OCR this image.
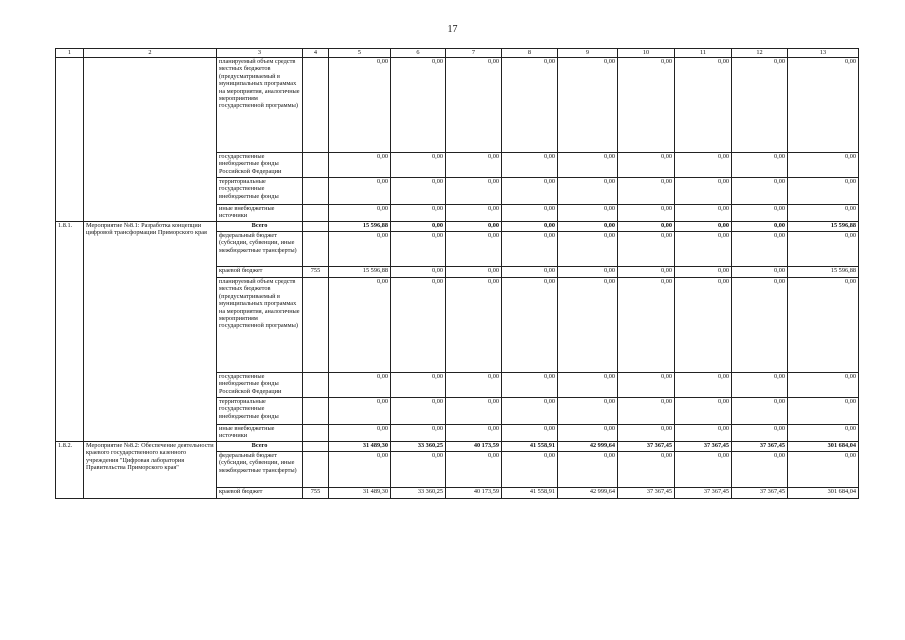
17
1	2	3	4	5	6	7	8	9	10	11	12	13
		планируемый объем средств местных бюджетов (предусматриваемый в муниципальных программах на мероприятия, аналогичные мероприятиям государственной программы)		0,00	0,00	0,00	0,00	0,00	0,00	0,00	0,00	0,00
		государственные внебюджетные фонды Российской Федерации		0,00	0,00	0,00	0,00	0,00	0,00	0,00	0,00	0,00
		территориальные государственные внебюджетные фонды		0,00	0,00	0,00	0,00	0,00	0,00	0,00	0,00	0,00
		иные внебюджетные источники		0,00	0,00	0,00	0,00	0,00	0,00	0,00	0,00	0,00
1.8.1.	Мероприятие №8.1: Разработка концепции цифровой трансформации Приморского края	Всего		15 596,88	0,00	0,00	0,00	0,00	0,00	0,00	0,00	15 596,88
		федеральный бюджет (субсидии, субвенции, иные межбюджетные трансферты)		0,00	0,00	0,00	0,00	0,00	0,00	0,00	0,00	0,00
		краевой бюджет	755	15 596,88	0,00	0,00	0,00	0,00	0,00	0,00	0,00	15 596,88
		планируемый объем средств местных бюджетов (предусматриваемый в муниципальных программах на мероприятия, аналогичные мероприятиям государственной программы)		0,00	0,00	0,00	0,00	0,00	0,00	0,00	0,00	0,00
		государственные внебюджетные фонды Российской Федерации		0,00	0,00	0,00	0,00	0,00	0,00	0,00	0,00	0,00
		территориальные государственные внебюджетные фонды		0,00	0,00	0,00	0,00	0,00	0,00	0,00	0,00	0,00
		иные внебюджетные источники		0,00	0,00	0,00	0,00	0,00	0,00	0,00	0,00	0,00
1.8.2.	Мероприятие №8.2: Обеспечение деятельности краевого государственного казенного учреждения "Цифровая лаборатория Правительства Приморского края"	Всего		31 489,30	33 360,25	40 173,59	41 558,91	42 999,64	37 367,45	37 367,45	37 367,45	301 684,04
		федеральный бюджет (субсидии, субвенции, иные межбюджетные трансферты)		0,00	0,00	0,00	0,00	0,00	0,00	0,00	0,00	0,00
		краевой бюджет	755	31 489,30	33 360,25	40 173,59	41 558,91	42 999,64	37 367,45	37 367,45	37 367,45	301 684,04
